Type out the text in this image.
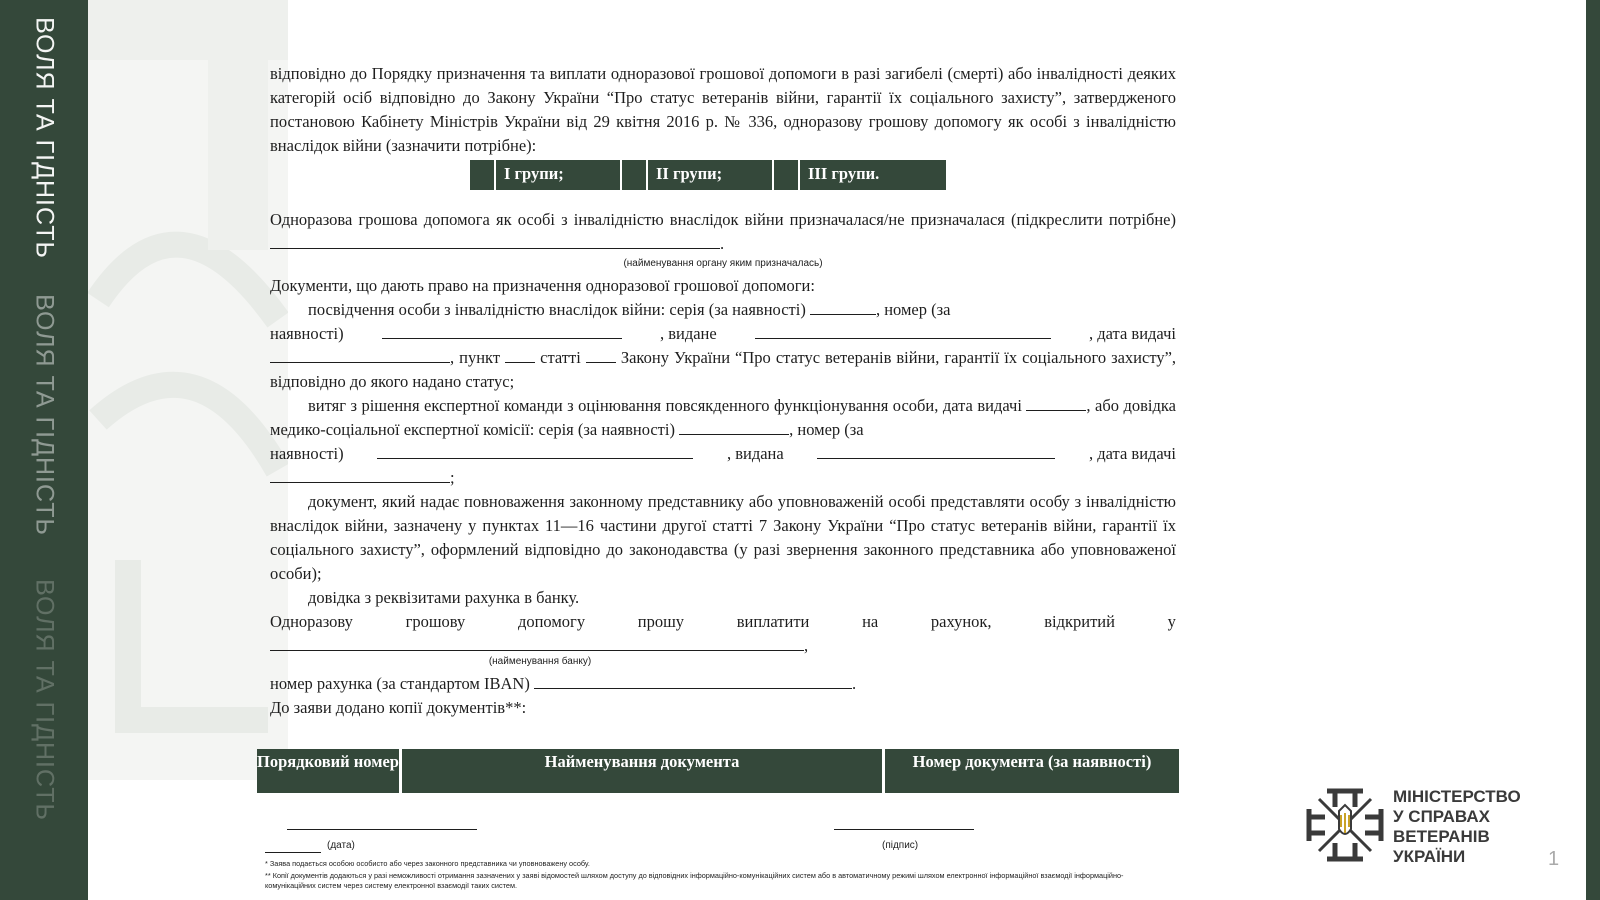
ВОЛЯ ТА ГІДНІСТЬ
ВОЛЯ ТА ГІДНІСТЬ
ВОЛЯ ТА ГІДНІСТЬ

відповідно до Порядку призначення та виплати одноразової грошової допомоги в разі загибелі (смерті) або інвалідності деяких категорій осіб відповідно до Закону України “Про статус ветеранів війни, гарантії їх соціального захисту”, затвердженого постановою Кабінету Міністрів України від 29 квітня 2016 р. № 336, одноразову грошову допомогу як особі з інвалідністю внаслідок війни (зазначити потрібне):

І групи;	ІІ групи;	ІІІ групи.

Одноразова грошова допомога як особі з інвалідністю внаслідок війни призначалася/не призначалася (підкреслити потрібне) .

(найменування органу яким призначалась)

Документи, що дають право на призначення одноразової грошової допомоги:

посвідчення особи з інвалідністю внаслідок війни: серія (за наявності)	, номер (за

наявності)	, видане	, дата видачі

, пункт статті Закону України “Про статус ветеранів війни, гарантії їх соціального захисту”, відповідно до якого надано статус;

витяг з рішення експертної команди з оцінювання повсякденного функціонування особи, дата видачі	, або довідка медико-соціальної експертної комісії: серія (за наявності)	, номер (за

наявності)	, видана	, дата видачі

;

документ, який надає повноваження законному представнику або уповноваженій особі представляти особу з інвалідністю внаслідок війни, зазначену у пунктах 11—16 частини другої статті 7 Закону України “Про статус ветеранів війни, гарантії їх соціального захисту”, оформлений відповідно до законодавства (у разі звернення законного представника або уповноваженої особи);

довідка з реквізитами рахунка в банку.

Одноразову	грошову	допомогу	прошу	виплатити	на	рахунок,	відкритий	у

,

(найменування банку)

номер рахунка (за стандартом IBAN)	.

До заяви додано копії документів**:

Порядковий номер	Найменування документа	Номер документа (за наявності)
(дата)	(підпис)
* Заява подається особою особисто або через законного представника чи уповноважену особу.
** Копії документів додаються у разі неможливості отримання зазначених у заяві відомостей шляхом доступу до відповідних інформаційно-комунікаційних систем або в автоматичному режимі шляхом електронної інформаційної взаємодії інформаційно-комунікаційних систем через систему електронної взаємодії таких систем.
МІНІСТЕРСТВО
У СПРАВАХ
ВЕТЕРАНІВ
УКРАЇНИ	1
